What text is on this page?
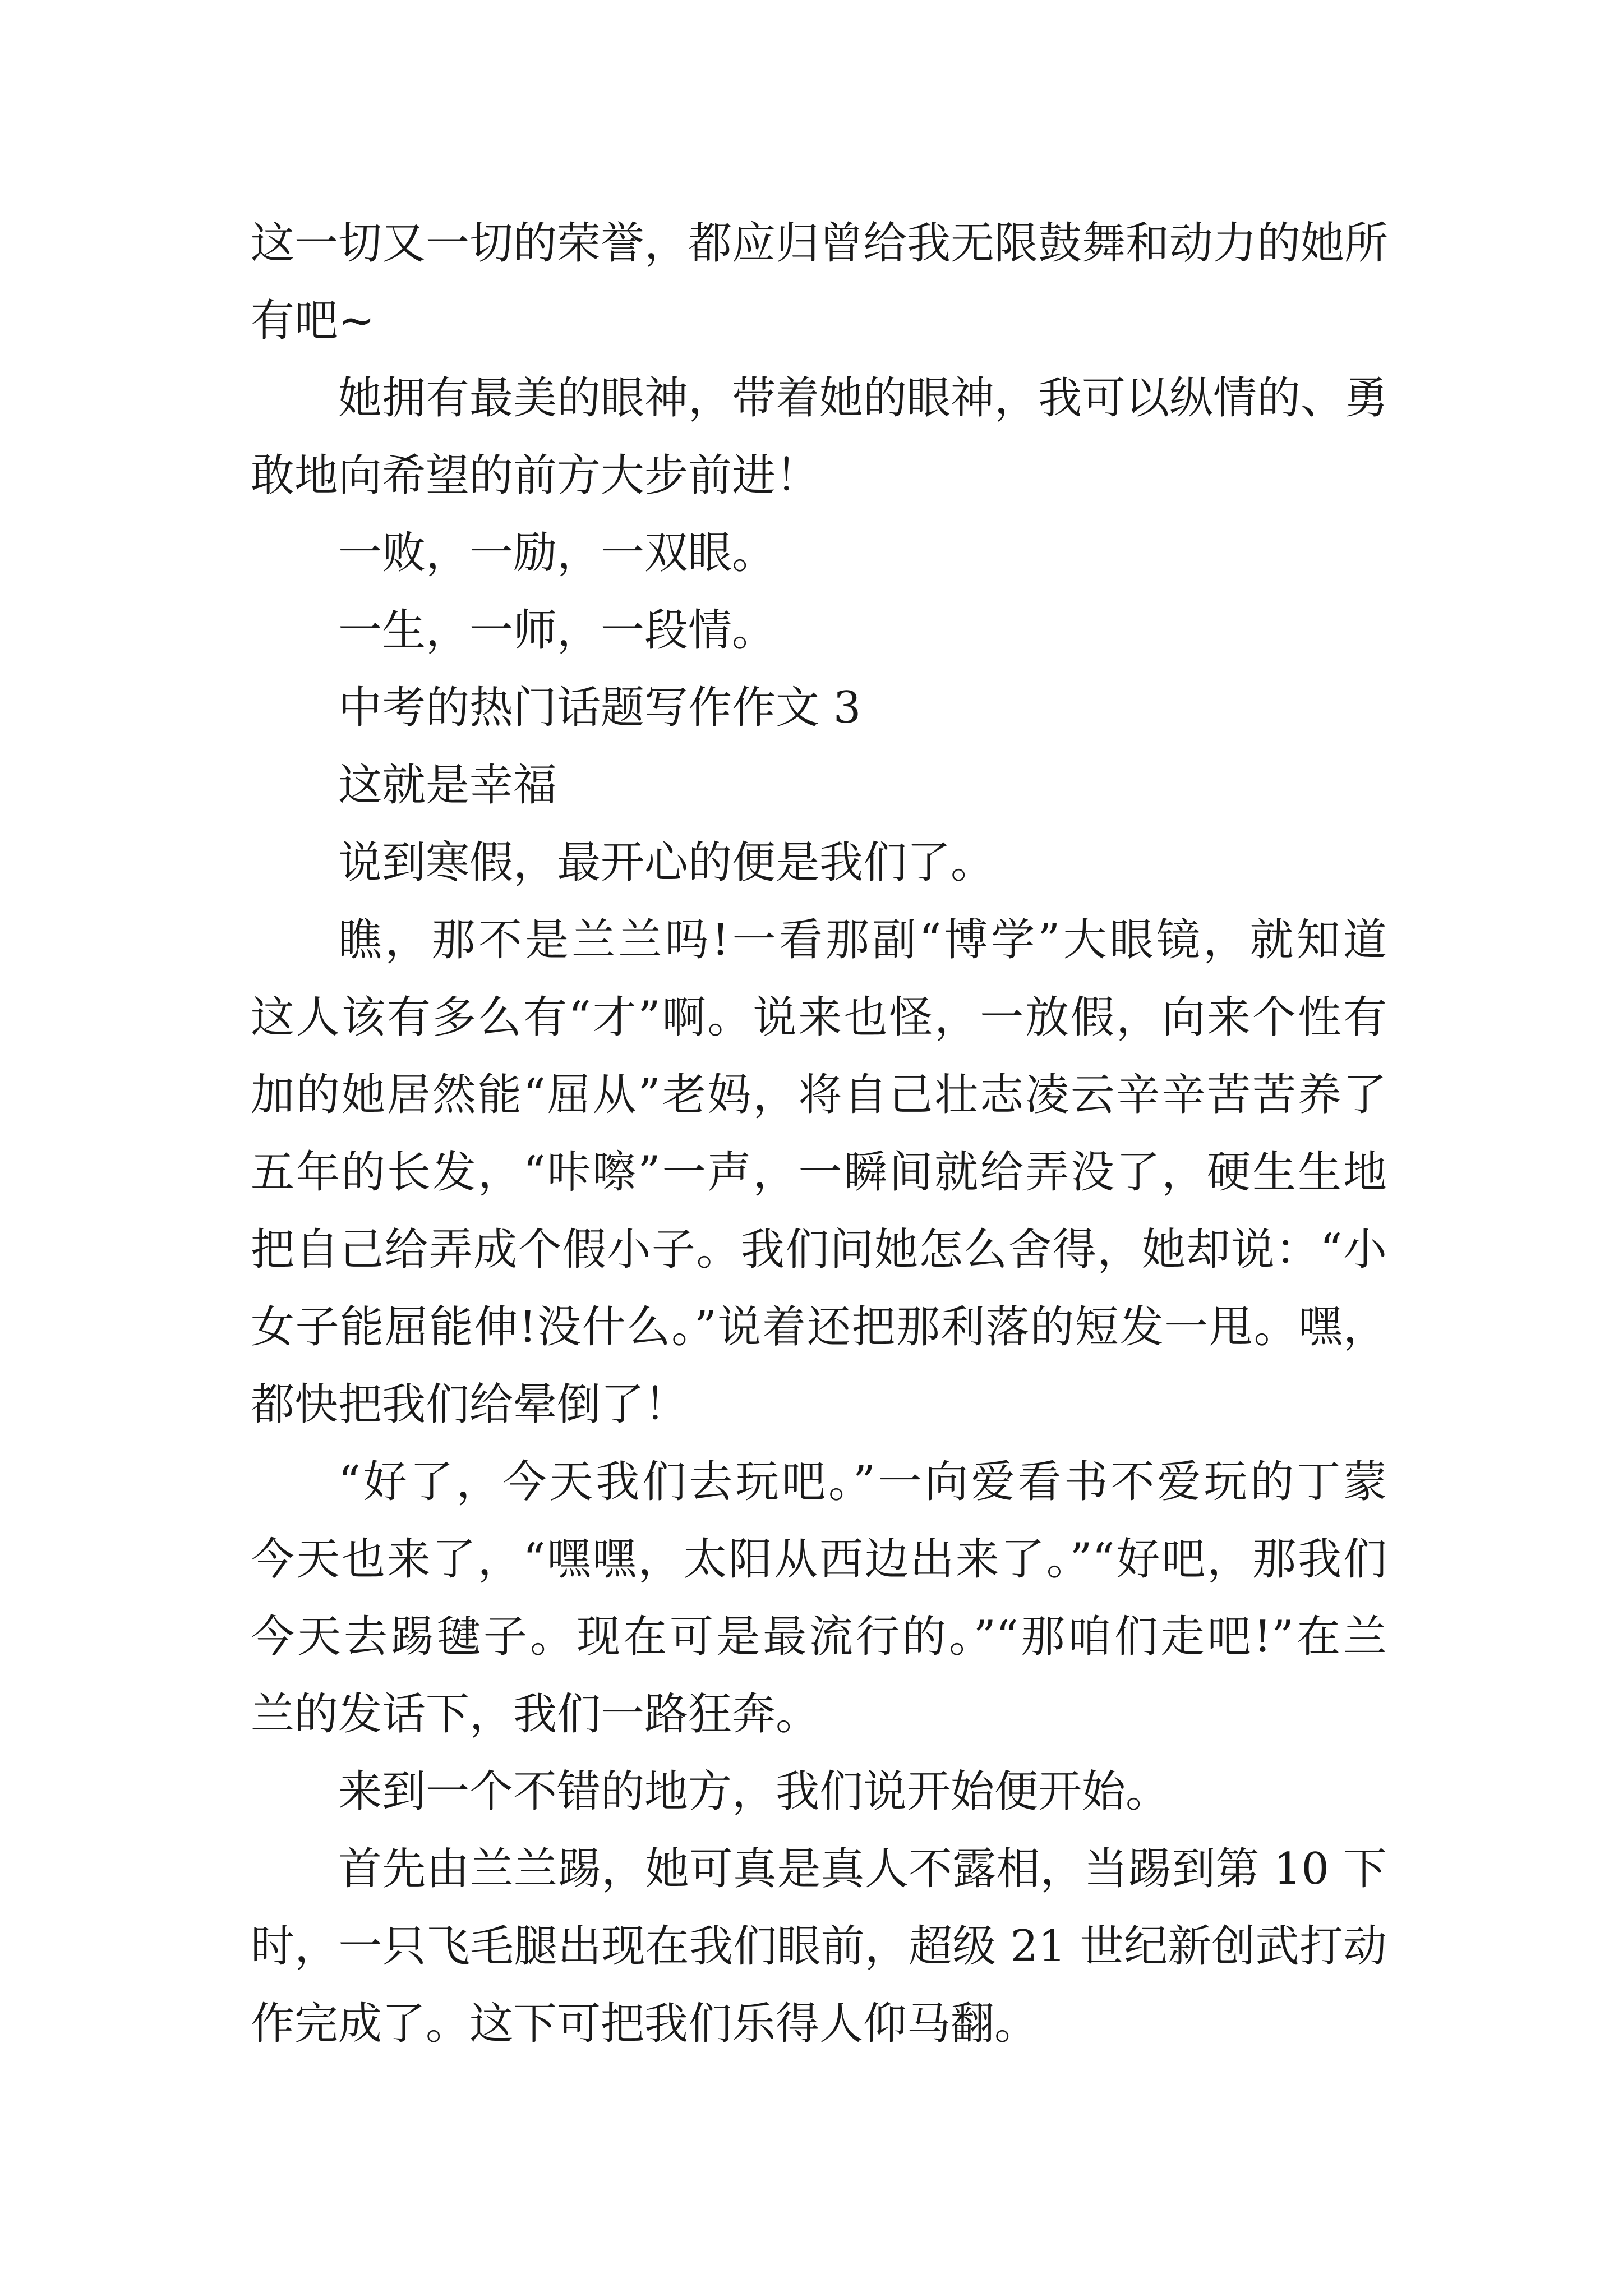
这一切又一切的荣誉，都应归曾给我无限鼓舞和动力的她所
有吧~
她拥有最美的眼神，带着她的眼神，我可以纵情的、勇
敢地向希望的前方大步前进！
一败，一励，一双眼。
一生，一师，一段情。
中考的热门话题写作作文 3
这就是幸福
说到寒假，最开心的便是我们了。
瞧，那不是兰兰吗!一看那副“博学”大眼镜，就知道
这人该有多么有“才”啊。说来也怪，一放假，向来个性有
加的她居然能“屈从”老妈，将自己壮志凌云辛辛苦苦养了
五年的长发，“咔嚓”一声，一瞬间就给弄没了，硬生生地
把自己给弄成个假小子。我们问她怎么舍得，她却说：“小
女子能屈能伸!没什么。”说着还把那利落的短发一甩。嘿，
都快把我们给晕倒了！
“好了，今天我们去玩吧。”一向爱看书不爱玩的丁蒙
今天也来了，“嘿嘿，太阳从西边出来了。”“好吧，那我们
今天去踢毽子。现在可是最流行的。”“那咱们走吧!”在兰
兰的发话下，我们一路狂奔。
来到一个不错的地方，我们说开始便开始。
首先由兰兰踢，她可真是真人不露相，当踢到第 10 下
时，一只飞毛腿出现在我们眼前，超级 21 世纪新创武打动
作完成了。这下可把我们乐得人仰马翻。
